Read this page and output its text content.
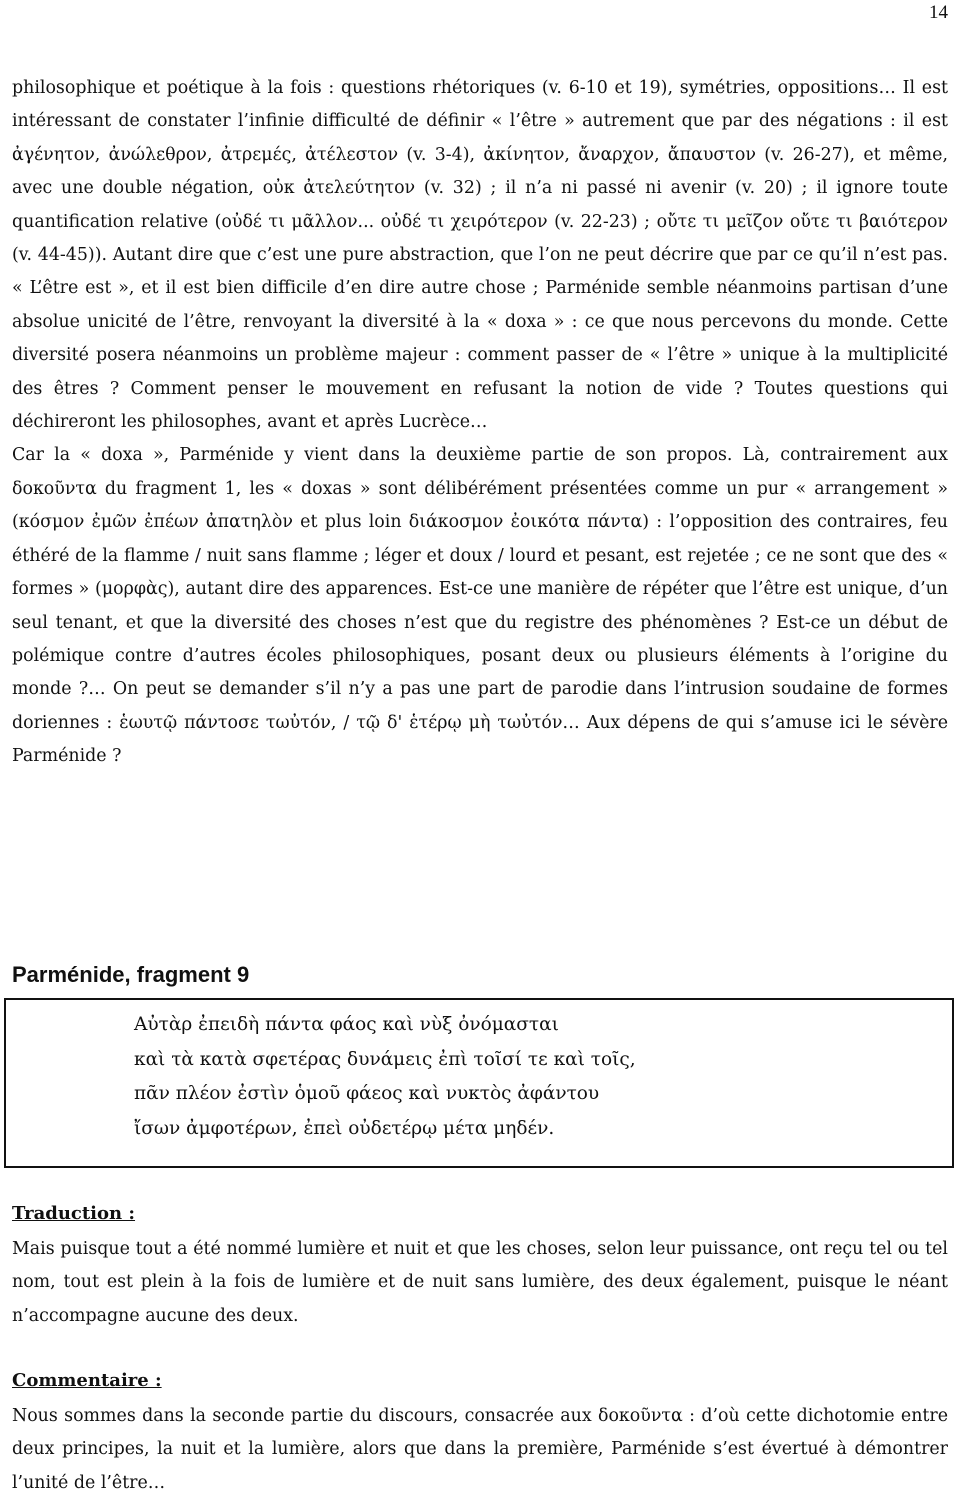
14

philosophique et poétique à la fois : questions rhétoriques (v. 6-10 et 19), symétries, oppositions… Il est intéressant de constater l’infinie difficulté de définir « l’être » autrement que par des négations : il est ἀγένητον, ἀνώλεθρον, ἀτρεμές, ἀτέλεστον (v. 3-4), ἀκίνητον, ἄναρχον, ἄπαυστον (v. 26-27), et même, avec une double négation, οὐκ ἀτελεύτητον (v. 32) ; il n’a ni passé ni avenir (v. 20) ; il ignore toute quantification relative (οὐδέ τι μᾶλλον... οὐδέ τι χειρότερον (v. 22-23) ; οὔτε τι μεῖζον οὔτε τι βαιότερον (v. 44-45)). Autant dire que c’est une pure abstraction, que l’on ne peut décrire que par ce qu’il n’est pas. « L’être est », et il est bien difficile d’en dire autre chose ; Parménide semble néanmoins partisan d’une absolue unicité de l’être, renvoyant la diversité à la « doxa » : ce que nous percevons du monde. Cette diversité posera néanmoins un problème majeur : comment passer de « l’être » unique à la multiplicité des êtres ? Comment penser le mouvement en refusant la notion de vide ? Toutes questions qui déchireront les philosophes, avant et après Lucrèce…

Car la « doxa », Parménide y vient dans la deuxième partie de son propos. Là, contrairement aux δοκοῦντα du fragment 1, les « doxas » sont délibérément présentées comme un pur « arrangement » (κόσμον ἐμῶν ἐπέων ἀπατηλὸν et plus loin διάκοσμον ἐοικότα πάντα) : l’opposition des contraires, feu éthéré de la flamme / nuit sans flamme ; léger et doux / lourd et pesant, est rejetée ; ce ne sont que des « formes » (μορφὰς), autant dire des apparences. Est-ce une manière de répéter que l’être est unique, d’un seul tenant, et que la diversité des choses n’est que du registre des phénomènes ? Est-ce un début de polémique contre d’autres écoles philosophiques, posant deux ou plusieurs éléments à l’origine du monde ?… On peut se demander s’il n’y a pas une part de parodie dans l’intrusion soudaine de formes doriennes : ἑωυτῷ πάντοσε τωὐτόν, / τῷ δ' ἑτέρῳ μὴ τωὐτόν… Aux dépens de qui s’amuse ici le sévère Parménide ?

Parménide, fragment 9
Αὐτὰρ ἐπειδὴ πάντα φάος καὶ νὺξ ὀνόμασται
καὶ τὰ κατὰ σφετέρας δυνάμεις ἐπὶ τοῖσί τε καὶ τοῖς,
πᾶν πλέον ἐστὶν ὁμοῦ φάεος καὶ νυκτὸς ἀφάντου
ἴσων ἀμφοτέρων, ἐπεὶ οὐδετέρῳ μέτα μηδέν.
Traduction :

Mais puisque tout a été nommé lumière et nuit et que les choses, selon leur puissance, ont reçu tel ou tel nom, tout est plein à la fois de lumière et de nuit sans lumière, des deux également, puisque le néant n’accompagne aucune des deux.

Commentaire :

Nous sommes dans la seconde partie du discours, consacrée aux δοκοῦντα : d’où cette dichotomie entre deux principes, la nuit et la lumière, alors que dans la première, Parménide s’est évertué à démontrer l’unité de l’être…
